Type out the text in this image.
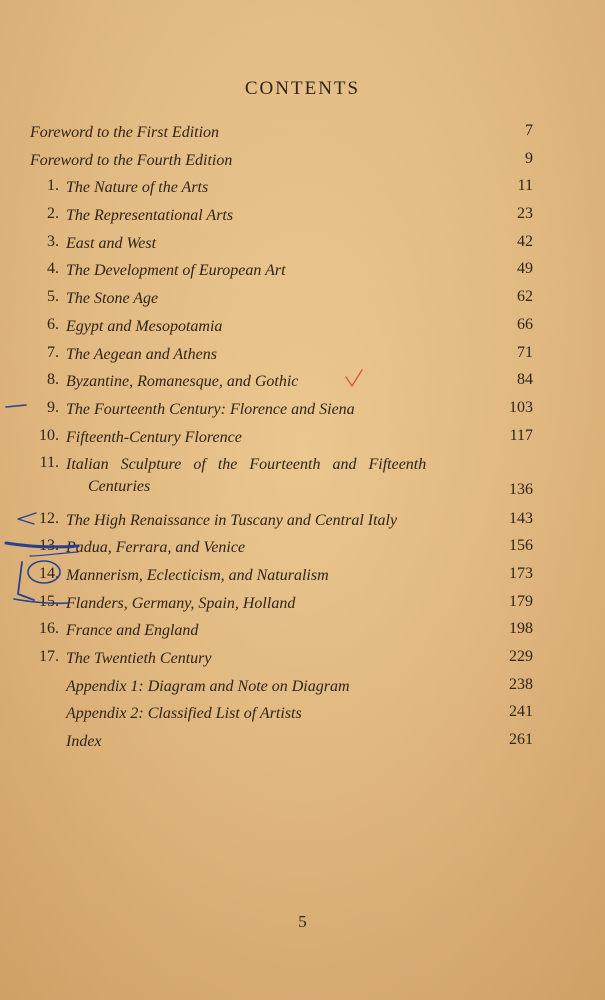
CONTENTS
Foreword to the First Edition	7
Foreword to the Fourth Edition	9
1. The Nature of the Arts	11
2. The Representational Arts	23
3. East and West	42
4. The Development of European Art	49
5. The Stone Age	62
6. Egypt and Mesopotamia	66
7. The Aegean and Athens	71
8. Byzantine, Romanesque, and Gothic	84
9. The Fourteenth Century: Florence and Siena	103
10. Fifteenth-Century Florence	117
11. Italian Sculpture of the Fourteenth and Fifteenth
Centuries	136
12. The High Renaissance in Tuscany and Central Italy	143
13. Padua, Ferrara, and Venice	156
14. Mannerism, Eclecticism, and Naturalism	173
15. Flanders, Germany, Spain, Holland	179
16. France and England	198
17. The Twentieth Century	229
Appendix 1: Diagram and Note on Diagram	238
Appendix 2: Classified List of Artists	241
Index	261
5
